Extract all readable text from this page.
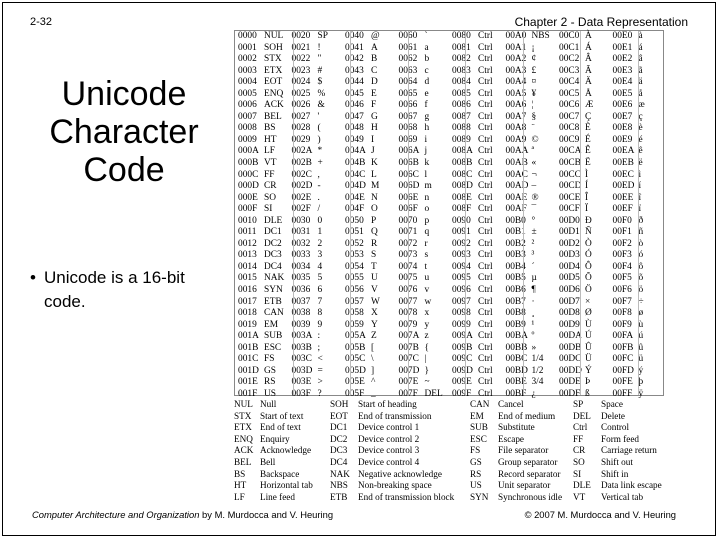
2-32	Chapter 2 - Data Representation
Unicode
Character
Code
• Unicode is a 16-bit code.
0000
0001
0002
0003
0004
0005
0006
0007
0008
0009
000A
000B
000C
000D
000E
000F
0010
0011
0012
0013
0014
0015
0016
0017
0018
0019
001A
001B
001C
001D
001E
001F
NUL
SOH
STX
ETX
EOT
ENQ
ACK
BEL
BS
HT
LF
VT
FF
CR
SO
SI
DLE
DC1
DC2
DC3
DC4
NAK
SYN
ETB
CAN
EM
SUB
ESC
FS
GS
RS
US
0020
0021
0022
0023
0024
0025
0026
0027
0028
0029
002A
002B
002C
002D
002E
002F
0030
0031
0032
0033
0034
0035
0036
0037
0038
0039
003A
003B
003C
003D
003E
003F
SP
!
"
#
$
%
&
'
(
)
*
+
,
-
.
/
0
1
2
3
4
5
6
7
8
9
:
;
<
=
>
?
0040
0041
0042
0043
0044
0045
0046
0047
0048
0049
004A
004B
004C
004D
004E
004F
0050
0051
0052
0053
0054
0055
0056
0057
0058
0059
005A
005B
005C
005D
005E
005F
@
A
B
C
D
E
F
G
H
I
J
K
L
M
N
O
P
Q
R
S
T
U
V
W
X
Y
Z
[
\
]
^
_
0060
0061
0062
0063
0064
0065
0066
0067
0068
0069
006A
006B
006C
006D
006E
006F
0070
0071
0072
0073
0074
0075
0076
0077
0078
0079
007A
007B
007C
007D
007E
007F
`
a
b
c
d
e
f
g
h
i
j
k
l
m
n
o
p
q
r
s
t
u
v
w
x
y
z
{
|
}
~
DEL
0080
0081
0082
0083
0084
0085
0086
0087
0088
0089
008A
008B
008C
008D
008E
008F
0090
0091
0092
0093
0094
0095
0096
0097
0098
0099
009A
009B
009C
009D
009E
009F
Ctrl
Ctrl
Ctrl
Ctrl
Ctrl
Ctrl
Ctrl
Ctrl
Ctrl
Ctrl
Ctrl
Ctrl
Ctrl
Ctrl
Ctrl
Ctrl
Ctrl
Ctrl
Ctrl
Ctrl
Ctrl
Ctrl
Ctrl
Ctrl
Ctrl
Ctrl
Ctrl
Ctrl
Ctrl
Ctrl
Ctrl
Ctrl
00A0
00A1
00A2
00A3
00A4
00A5
00A6
00A7
00A8
00A9
00AA
00AB
00AC
00AD
00AE
00AF
00B0
00B1
00B2
00B3
00B4
00B5
00B6
00B7
00B8
00B9
00BA
00BB
00BC
00BD
00BE
00BF
NBS
¡
¢
£
¤
¥
¦
§
¨
©
ª
«
¬
–
®
¯
°
±
²
³
´
µ
¶
·
¸
¹
º
»
1/4
1/2
3/4
¿
00C0
00C1
00C2
00C3
00C4
00C5
00C6
00C7
00C8
00C9
00CA
00CB
00CC
00CD
00CE
00CF
00D0
00D1
00D2
00D3
00D4
00D5
00D6
00D7
00D8
00D9
00DA
00DB
00DC
00DD
00DE
00DF
À
Á
Â
Ã
Ä
Å
Æ
Ç
È
É
Ê
Ë
Ì
Í
Î
Ï
Ð
Ñ
Ò
Ó
Ô
Õ
Ö
×
Ø
Ù
Ú
Û
Ü
Ý
Þ
ß
00E0
00E1
00E2
00E3
00E4
00E5
00E6
00E7
00E8
00E9
00EA
00EB
00EC
00ED
00EE
00EF
00F0
00F1
00F2
00F3
00F4
00F5
00F6
00F7
00F8
00F9
00FA
00FB
00FC
00FD
00FE
00FF
à
á
â
ã
ä
å
æ
ç
è
é
ê
ë
ì
í
î
ï
ð
ñ
ò
ó
ô
õ
ö
÷
ø
ù
ú
û
ü
ý
þ
ÿ
NUL
STX
ETX
ENQ
ACK
BEL
BS
HT
LF
Null
Start of text
End of text
Enquiry
Acknowledge
Bell
Backspace
Horizontal tab
Line feed
SOH
EOT
DC1
DC2
DC3
DC4
NAK
NBS
ETB
Start of heading
End of transmission
Device control 1
Device control 2
Device control 3
Device control 4
Negative acknowledge
Non-breaking space
End of transmission block
CAN
EM
SUB
ESC
FS
GS
RS
US
SYN
Cancel
End of medium
Substitute
Escape
File separator
Group separator
Record separator
Unit separator
Synchronous idle
SP
DEL
Ctrl
FF
CR
SO
SI
DLE
VT
Space
Delete
Control
Form feed
Carriage return
Shift out
Shift in
Data link escape
Vertical tab
Computer Architecture and Organization by M. Murdocca and V. Heuring	© 2007 M. Murdocca and V. Heuring
